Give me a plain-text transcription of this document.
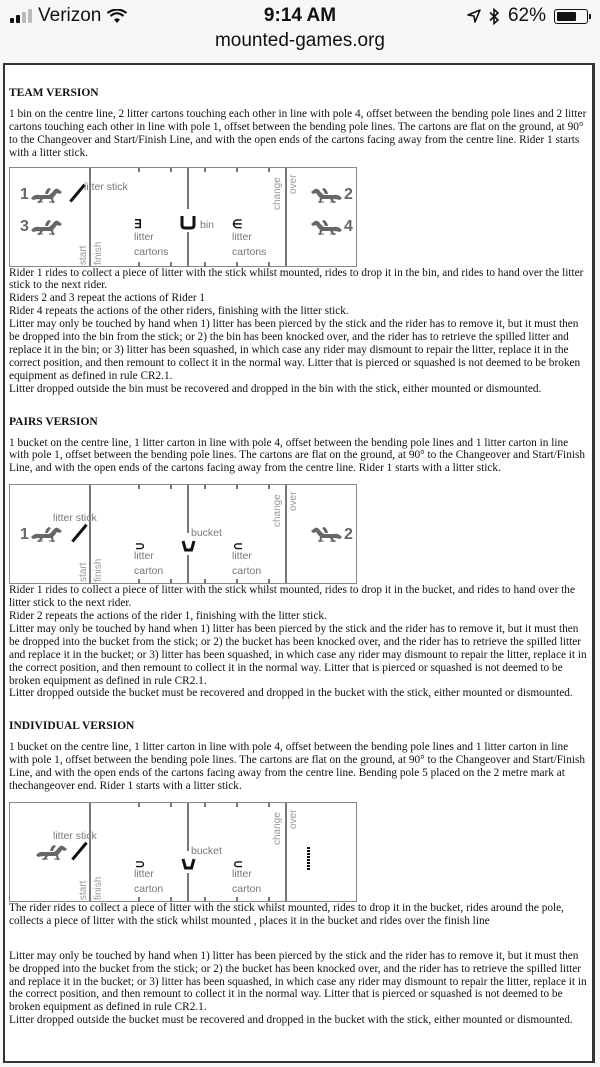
Verizon	9:14 AM	62%
mounted-games.org
TEAM VERSION

1 bin on the centre line, 2 litter cartons touching each other in line with pole 4, offset between the bending pole lines and 2 litter cartons touching each other in line with pole 1, offset between the bending pole lines. The cartons are flat on the ground, at 90° to the Changeover and Start/Finish Line, and with the open ends of the cartons facing away from the centre line. Rider 1 starts with a litter stick.

1
3
2
4
litter stick
start finish
change over
∃
litter
cartons
bin ∈
litter
cartons

Rider 1 rides to collect a piece of litter with the stick whilst mounted, rides to drop it in the bin, and rides to hand over the litter stick to the next rider.

Riders 2 and 3 repeat the actions of Rider 1

Rider 4 repeats the actions of the other riders, finishing with the litter stick.

Litter may only be touched by hand when 1) litter has been pierced by the stick and the rider has to remove it, but it must then be dropped into the bin from the stick; or 2) the bin has been knocked over, and the rider has to retrieve the spilled litter and replace it in the bin; or 3) litter has been squashed, in which case any rider may dismount to repair the litter, replace it in the correct position, and then remount to collect it in the normal way. Litter that is pierced or squashed is not deemed to be broken equipment as defined in rule CR2.1.

Litter dropped outside the bin must be recovered and dropped in the bin with the stick, either mounted or dismounted.

PAIRS VERSION

1 bucket on the centre line, 1 litter carton in line with pole 4, offset between the bending pole lines and 1 litter carton in line with pole 1, offset between the bending pole lines. The cartons are flat on the ground, at 90° to the Changeover and Start/Finish Line, and with the open ends of the cartons facing away from the centre line. Rider 1 starts with a litter stick.

1	2
litter stick
start finish
change over
⊃
litter
carton
bucket
⊂
litter
carton

Rider 1 rides to collect a piece of litter with the stick whilst mounted, rides to drop it in the bucket, and rides to hand over the litter stick to the next rider.

Rider 2 repeats the actions of the rider 1, finishing with the litter stick.

Litter may only be touched by hand when 1) litter has been pierced by the stick and the rider has to remove it, but it must then be dropped into the bucket from the stick; or 2) the bucket has been knocked over, and the rider has to retrieve the spilled litter and replace it in the bucket; or 3) litter has been squashed, in which case any rider may dismount to repair the litter, replace it in the correct position, and then remount to collect it in the normal way. Litter that is pierced or squashed is not deemed to be broken equipment as defined in rule CR2.1.

Litter dropped outside the bucket must be recovered and dropped in the bucket with the stick, either mounted or dismounted.

INDIVIDUAL VERSION

1 bucket on the centre line, 1 litter carton in line with pole 4, offset between the bending pole lines and 1 litter carton in line with pole 1, offset between the bending pole lines. The cartons are flat on the ground, at 90° to the Changeover and Start/Finish Line, and with the open ends of the cartons facing away from the centre line. Bending pole 5 placed on the 2 metre mark at thechangeover end. Rider 1 starts with a litter stick.

litter stick
start finish
change over
⊃
litter
carton
bucket
⊂
litter
carton

The rider rides to collect a piece of litter with the stick whilst mounted, rides to drop it in the bucket, rides around the pole, collects a piece of litter with the stick whilst mounted , places it in the bucket and rides over the finish line

Litter may only be touched by hand when 1) litter has been pierced by the stick and the rider has to remove it, but it must then be dropped into the bucket from the stick; or 2) the bucket has been knocked over, and the rider has to retrieve the spilled litter and replace it in the bucket; or 3) litter has been squashed, in which case any rider may dismount to repair the litter, replace it in the correct position, and then remount to collect it in the normal way. Litter that is pierced or squashed is not deemed to be broken equipment as defined in rule CR2.1.

Litter dropped outside the bucket must be recovered and dropped in the bucket with the stick, either mounted or dismounted.
